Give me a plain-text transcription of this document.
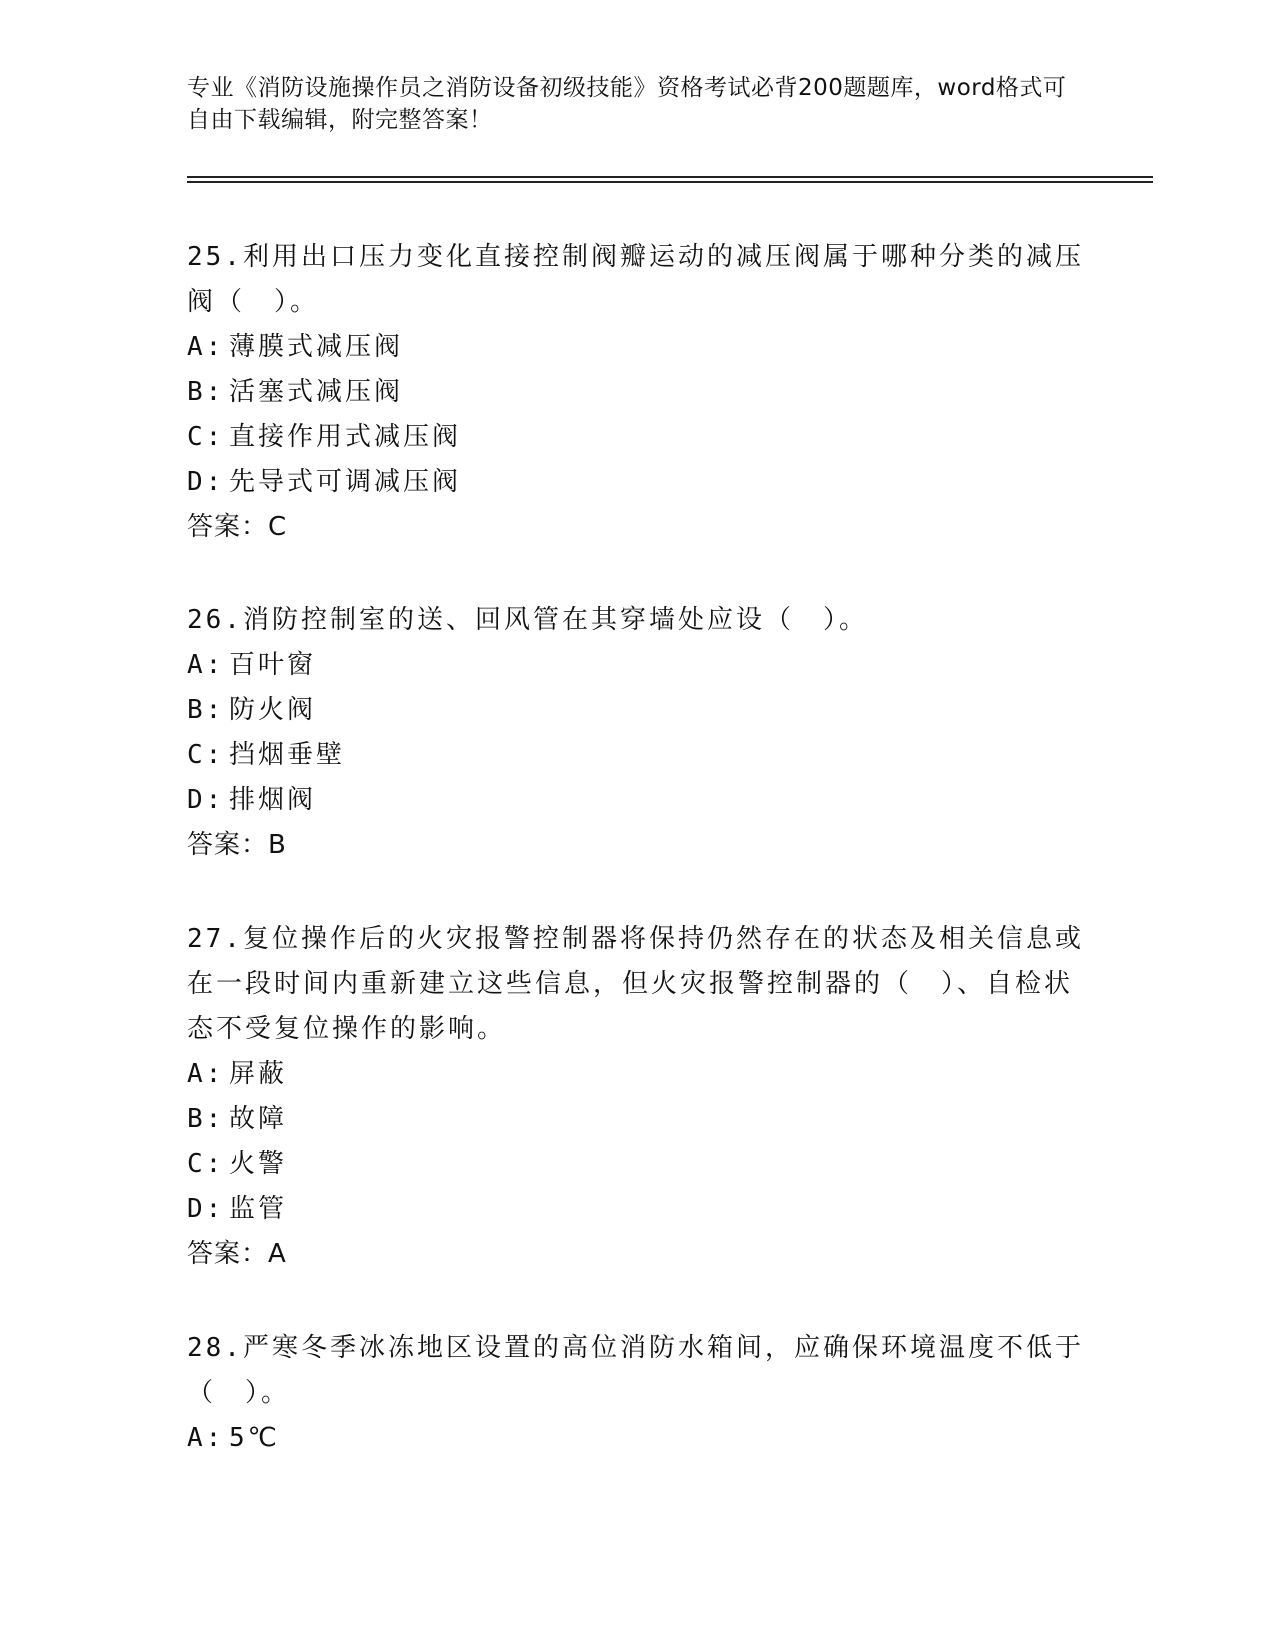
专业《消防设施操作员之消防设备初级技能》资格考试必背200题题库，word格式可自由下载编辑，附完整答案！

25.利用出口压力变化直接控制阀瓣运动的减压阀属于哪种分类的减压阀（　）。

A: 薄膜式减压阀

B: 活塞式减压阀

C: 直接作用式减压阀

D: 先导式可调减压阀

答案：C

26.消防控制室的送、回风管在其穿墙处应设（　）。

A: 百叶窗

B: 防火阀

C: 挡烟垂壁

D: 排烟阀

答案：B

27.复位操作后的火灾报警控制器将保持仍然存在的状态及相关信息或在一段时间内重新建立这些信息，但火灾报警控制器的（　）、自检状态不受复位操作的影响。

A: 屏蔽

B: 故障

C: 火警

D: 监管

答案：A

28.严寒冬季冰冻地区设置的高位消防水箱间，应确保环境温度不低于（　）。

A: 5℃
